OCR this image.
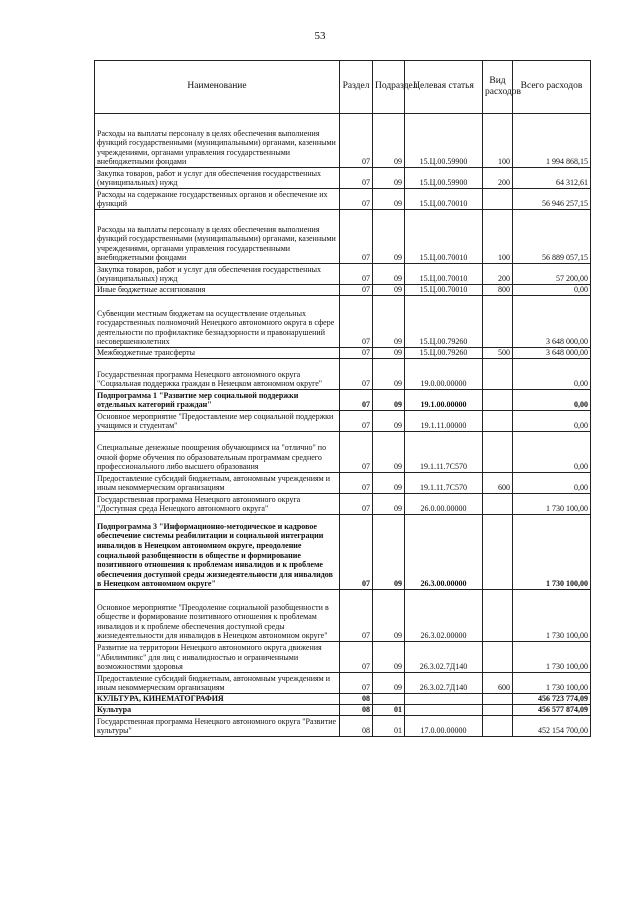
53
Наименование	Раздел	Подраздел	Целевая статья	Вид расходов	Всего расходов
Расходы на выплаты персоналу в целях обеспечения выполнения функций государственными (муниципальными) органами, казенными учреждениями, органами управления государственными внебюджетными фондами	07	09	15.Ц.00.59900	100	1 994 868,15
Закупка товаров, работ и услуг для обеспечения государственных (муниципальных) нужд	07	09	15.Ц.00.59900	200	64 312,61
Расходы на содержание государственных органов и обеспечение их функций	07	09	15.Ц.00.70010		56 946 257,15
Расходы на выплаты персоналу в целях обеспечения выполнения функций государственными (муниципальными) органами, казенными учреждениями, органами управления государственными внебюджетными фондами	07	09	15.Ц.00.70010	100	56 889 057,15
Закупка товаров, работ и услуг для обеспечения государственных (муниципальных) нужд	07	09	15.Ц.00.70010	200	57 200,00
Иные бюджетные ассигнования	07	09	15.Ц.00.70010	800	0,00
Субвенции местным бюджетам на осуществление отдельных государственных полномочий Ненецкого автономного округа в сфере деятельности по профилактике безнадзорности и правонарушений несовершеннолетних	07	09	15.Ц.00.79260		3 648 000,00
Межбюджетные трансферты	07	09	15.Ц.00.79260	500	3 648 000,00
Государственная программа Ненецкого автономного округа "Социальная поддержка граждан в Ненецком автономном округе"	07	09	19.0.00.00000		0,00
Подпрограмма 1 "Развитие мер социальной поддержки отдельных категорий граждан"	07	09	19.1.00.00000		0,00
Основное мероприятие "Предоставление мер социальной поддержки учащимся и студентам"	07	09	19.1.11.00000		0,00
Специальные денежные поощрения обучающимся на "отлично" по очной форме обучения по образовательным программам среднего профессионального либо высшего образования	07	09	19.1.11.7С570		0,00
Предоставление субсидий бюджетным, автономным учреждениям и иным некоммерческим организациям	07	09	19.1.11.7С570	600	0,00
Государственная программа Ненецкого автономного округа "Доступная среда Ненецкого автономного округа"	07	09	26.0.00.00000		1 730 100,00
Подпрограмма 3 "Информационно-методическое и кадровое обеспечение системы реабилитации и социальной интеграции инвалидов в Ненецком автономном округе, преодоление социальной разобщенности в обществе и формирование позитивного отношения к проблемам инвалидов и к проблеме обеспечения доступной среды жизнедеятельности для инвалидов в Ненецком автономном округе"	07	09	26.3.00.00000		1 730 100,00
Основное мероприятие "Преодоление социальной разобщенности в обществе и формирование позитивного отношения к проблемам инвалидов и к проблеме обеспечения доступной среды жизнедеятельности для инвалидов в Ненецком автономном округе"	07	09	26.3.02.00000		1 730 100,00
Развитие на территории Ненецкого автономного округа движения "Абилимпикс" для лиц с инвалидностью и ограниченными возможностями здоровья	07	09	26.3.02.7Д140		1 730 100,00
Предоставление субсидий бюджетным, автономным учреждениям и иным некоммерческим организациям	07	09	26.3.02.7Д140	600	1 730 100,00
КУЛЬТУРА, КИНЕМАТОГРАФИЯ	08				456 723 774,09
Культура	08	01			456 577 874,09
Государственная программа Ненецкого автономного округа "Развитие культуры"	08	01	17.0.00.00000		452 154 700,00
